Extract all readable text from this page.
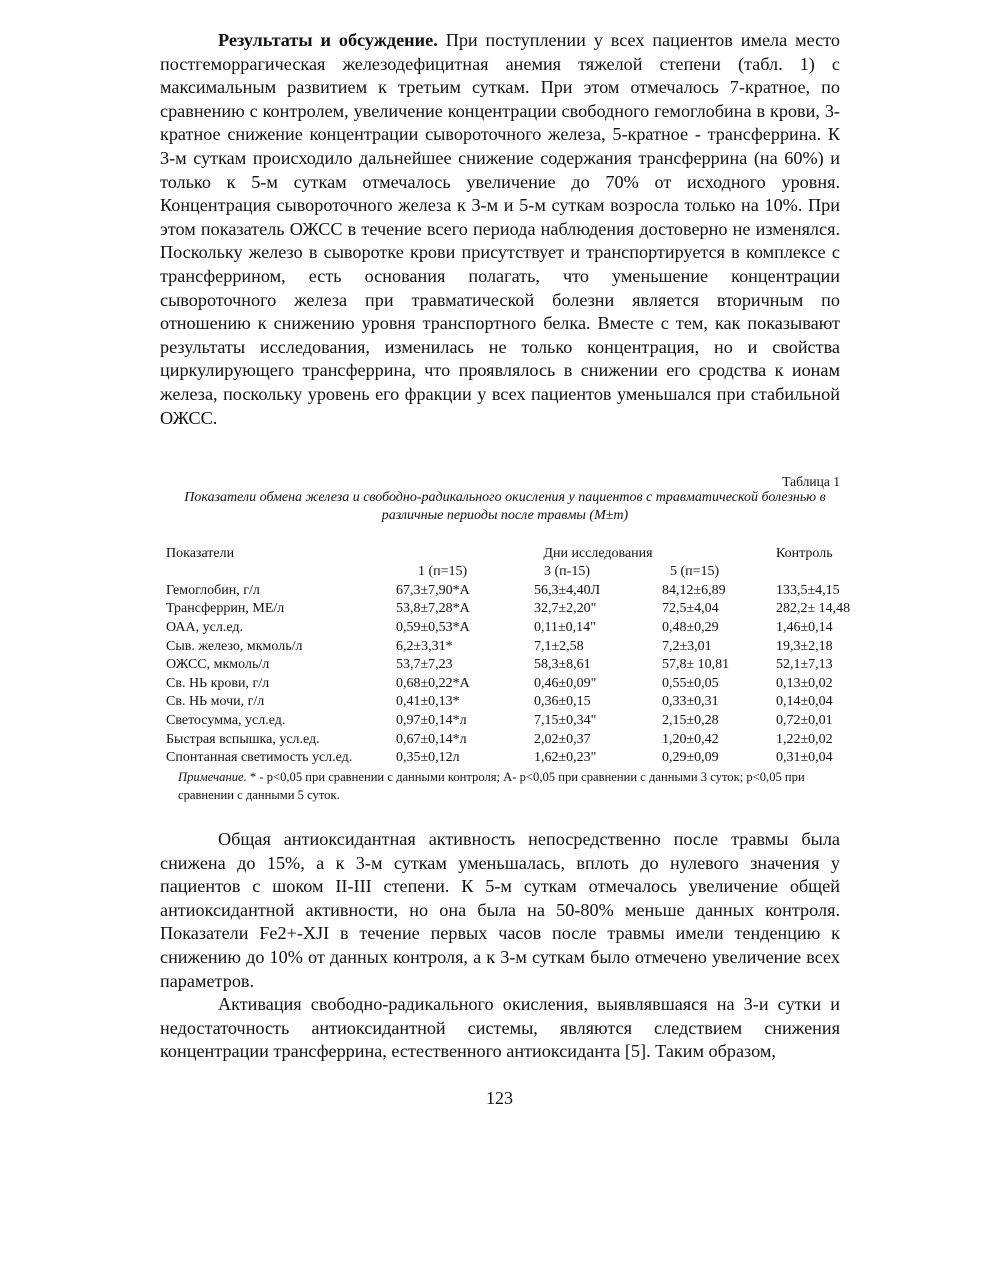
Результаты и обсуждение. При поступлении у всех пациентов имела место постгеморрагическая железодефицитная анемия тяжелой степени (табл. 1) с максимальным развитием к третьим суткам. При этом отмечалось 7-кратное, по сравнению с контролем, увеличение концентрации свободного гемоглобина в крови, 3-кратное снижение концентрации сывороточного железа, 5-кратное - трансферрина. К 3-м суткам происходило дальнейшее снижение содержания трансферрина (на 60%) и только к 5-м суткам отмечалось увеличение до 70% от исходного уровня. Концентрация сывороточного железа к 3-м и 5-м суткам возросла только на 10%. При этом показатель ОЖСС в течение всего периода наблюдения достоверно не изменялся. Поскольку железо в сыворотке крови присутствует и транспортируется в комплексе с трансферрином, есть основания полагать, что уменьшение концентрации сывороточного железа при травматической болезни является вторичным по отношению к снижению уровня транспортного белка. Вместе с тем, как показывают результаты исследования, изменилась не только концентрация, но и свойства циркулирующего трансферрина, что проявлялось в снижении его сродства к ионам железа, поскольку уровень его фракции у всех пациентов уменьшался при стабильной ОЖСС.

Таблица 1
Показатели обмена железа и свободно-радикального окисления у пациентов с травматической болезнью в различные периоды после травмы (М±m)
Показатели		Дни исследования		Контроль
	1 (п=15)	3 (п-15)	5 (п=15)	
Гемоглобин, г/л	67,3±7,90*А	56,3±4,40Л	84,12±6,89	133,5±4,15
Трансферрин, МЕ/л	53,8±7,28*А	32,7±2,20"	72,5±4,04	282,2± 14,48
ОАА, усл.ед.	0,59±0,53*А	0,11±0,14"	0,48±0,29	1,46±0,14
Сыв. железо, мкмоль/л	6,2±3,31*	7,1±2,58	7,2±3,01	19,3±2,18
ОЖСС, мкмоль/л	53,7±7,23	58,3±8,61	57,8± 10,81	52,1±7,13
Св. НЬ крови, г/л	0,68±0,22*А	0,46±0,09"	0,55±0,05	0,13±0,02
Св. НЬ мочи, г/л	0,41±0,13*	0,36±0,15	0,33±0,31	0,14±0,04
Светосумма, усл.ед.	0,97±0,14*л	7,15±0,34"	2,15±0,28	0,72±0,01
Быстрая вспышка, усл.ед.	0,67±0,14*л	2,02±0,37	1,20±0,42	1,22±0,02
Спонтанная светимость усл.ед.	0,35±0,12л	1,62±0,23"	0,29±0,09	0,31±0,04

Примечание. * - р<0,05 при сравнении с данными контроля; А- р<0,05 при сравнении с данными 3 суток; р<0,05 при сравнении с данными 5 суток.

Общая антиоксидантная активность непосредственно после травмы была снижена до 15%, а к 3-м суткам уменьшалась, вплоть до нулевого значения у пациентов с шоком II-III степени. К 5-м суткам отмечалось увеличение общей антиоксидантной активности, но она была на 50-80% меньше данных контроля. Показатели Fe2+-XJI в течение первых часов после травмы имели тенденцию к снижению до 10% от данных контроля, а к 3-м суткам было отмечено увеличение всех параметров.

Активация свободно-радикального окисления, выявлявшаяся на 3-и сутки и недостаточность антиоксидантной системы, являются следствием снижения концентрации трансферрина, естественного антиоксиданта [5]. Таким образом,

123
